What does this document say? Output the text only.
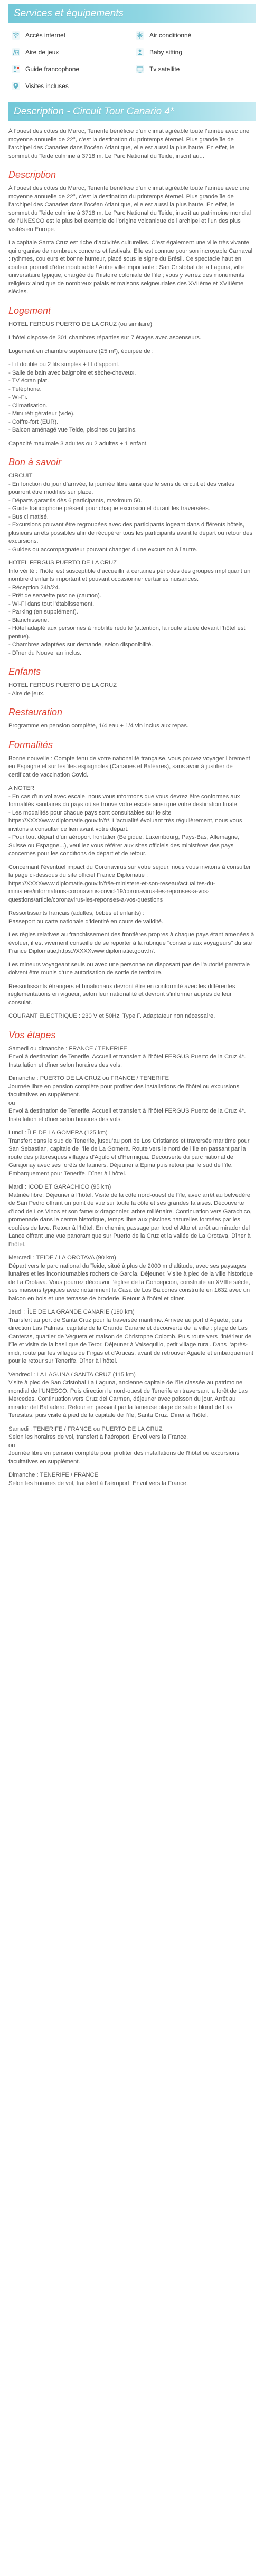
Services et équipements
Accès internet	Air conditionné
Aire de jeux	Baby sitting
Guide francophone	Tv satellite
Visites incluses
Description - Circuit Tour Canario 4*

À l’ouest des côtes du Maroc, Tenerife bénéficie d’un climat agréable toute l’année avec une moyenne annuelle de 22°, c’est la destination du printemps éternel. Plus grande île de l’archipel des Canaries dans l’océan Atlantique, elle est aussi la plus haute. En effet, le sommet du Teide culmine à 3718 m. Le Parc National du Teide, inscrit au...

Description

À l’ouest des côtes du Maroc, Tenerife bénéficie d’un climat agréable toute l’année avec une moyenne annuelle de 22°, c’est la destination du printemps éternel. Plus grande île de l’archipel des Canaries dans l’océan Atlantique, elle est aussi la plus haute. En effet, le sommet du Teide culmine à 3718 m. Le Parc National du Teide, inscrit au patrimoine mondial de l’UNESCO est le plus bel exemple de l’origine volcanique de l’archipel et l’un des plus visités en Europe.

La capitale Santa Cruz est riche d’activités culturelles. C’est également une ville très vivante qui organise de nombreux concerts et festivals. Elle est connue pour son incroyable Carnaval : rythmes, couleurs et bonne humeur, placé sous le signe du Brésil. Ce spectacle haut en couleur promet d’être inoubliable ! Autre ville importante : San Cristobal de la Laguna, ville universitaire typique, chargée de l’histoire coloniale de l’île ; vous y verrez des monuments religieux ainsi que de nombreux palais et maisons seigneuriales des XVIIème et XVIIIème siècles.

Logement

HOTEL FERGUS PUERTO DE LA CRUZ (ou similaire)

L’hôtel dispose de 301 chambres réparties sur 7 étages avec ascenseurs.

Logement en chambre supérieure (25 m²), équipée de :

- Lit double ou 2 lits simples + lit d’appoint.
- Salle de bain avec baignoire et sèche-cheveux.
- TV écran plat.
- Téléphone.
- Wi-Fi.
- Climatisation.
- Mini réfrigérateur (vide).
- Coffre-fort (EUR).
- Balcon aménagé vue Teide, piscines ou jardins.

Capacité maximale 3 adultes ou 2 adultes + 1 enfant.

Bon à savoir

CIRCUIT
- En fonction du jour d’arrivée, la journée libre ainsi que le sens du circuit et des visites pourront être modifiés sur place.
- Départs garantis dès 6 participants, maximum 50.
- Guide francophone présent pour chaque excursion et durant les traversées.
- Bus climatisé.
- Excursions pouvant être regroupées avec des participants logeant dans différents hôtels, plusieurs arrêts possibles afin de récupérer tous les participants avant le départ ou retour des excursions.
- Guides ou accompagnateur pouvant changer d’une excursion à l’autre.

HOTEL FERGUS PUERTO DE LA CRUZ
Info vérité : l’hôtel est susceptible d’accueillir à certaines périodes des groupes impliquant un nombre d’enfants important et pouvant occasionner certaines nuisances.
- Réception 24h/24.
- Prêt de serviette piscine (caution).
- Wi-Fi dans tout l’établissement.
- Parking (en supplément).
- Blanchisserie.
- Hôtel adapté aux personnes à mobilité réduite (attention, la route située devant l’hôtel est pentue).
- Chambres adaptées sur demande, selon disponibilité.
- Dîner du Nouvel an inclus.

Enfants

HOTEL FERGUS PUERTO DE LA CRUZ
- Aire de jeux.

Restauration

Programme en pension complète, 1/4 eau + 1/4 vin inclus aux repas.

Formalités

Bonne nouvelle : Compte tenu de votre nationalité française, vous pouvez voyager librement en Espagne et sur les îles espagnoles (Canaries et Baléares), sans avoir à justifier de certificat de vaccination Covid.

A NOTER
- En cas d’un vol avec escale, nous vous informons que vous devrez être conformes aux formalités sanitaires du pays où se trouve votre escale ainsi que votre destination finale.
- Les modalités pour chaque pays sont consultables sur le site https://XXXXwww.diplomatie.gouv.fr/fr/. L’actualité évoluant très régulièrement, nous vous invitons à consulter ce lien avant votre départ.
- Pour tout départ d’un aéroport frontalier (Belgique, Luxembourg, Pays-Bas, Allemagne, Suisse ou Espagne...), veuillez vous référer aux sites officiels des ministères des pays concernés pour les conditions de départ et de retour.

Concernant l’éventuel impact du Coronavirus sur votre séjour, nous vous invitons à consulter la page ci-dessous du site officiel France Diplomatie : https://XXXXwww.diplomatie.gouv.fr/fr/le-ministere-et-son-reseau/actualites-du-ministere/informations-coronavirus-covid-19/coronavirus-les-reponses-a-vos-questions/article/coronavirus-les-reponses-a-vos-questions

Ressortissants français (adultes, bébés et enfants) :
Passeport ou carte nationale d’identité en cours de validité.

Les règles relatives au franchissement des frontières propres à chaque pays étant amenées à évoluer, il est vivement conseillé de se reporter à la rubrique "conseils aux voyageurs" du site France Diplomatie,https://XXXXwww.diplomatie.gouv.fr/.

Les mineurs voyageant seuls ou avec une personne ne disposant pas de l’autorité parentale doivent être munis d’une autorisation de sortie de territoire.

Ressortissants étrangers et binationaux devront être en conformité avec les différentes réglementations en vigueur, selon leur nationalité et devront s’informer auprès de leur consulat.

COURANT ELECTRIQUE : 230 V et 50Hz, Type F. Adaptateur non nécessaire.

Vos étapes

Samedi ou dimanche : FRANCE / TENERIFE
Envol à destination de Tenerife. Accueil et transfert à l’hôtel FERGUS Puerto de la Cruz 4*. Installation et dîner selon horaires des vols.

Dimanche : PUERTO DE LA CRUZ ou FRANCE / TENERIFE
Journée libre en pension complète pour profiter des installations de l’hôtel ou excursions facultatives en supplément.
ou
Envol à destination de Tenerife. Accueil et transfert à l’hôtel FERGUS Puerto de la Cruz 4*. Installation et dîner selon horaires des vols.

Lundi : ÎLE DE LA GOMERA (125 km)
Transfert dans le sud de Tenerife, jusqu’au port de Los Cristianos et traversée maritime pour San Sebastian, capitale de l’île de La Gomera. Route vers le nord de l’île en passant par la route des pittoresques villages d’Agulo et d’Hermigua. Découverte du parc national de Garajonay avec ses forêts de lauriers. Déjeuner à Epina puis retour par le sud de l’île. Embarquement pour Tenerife. Dîner à l’hôtel.

Mardi : ICOD ET GARACHICO (95 km)
Matinée libre. Déjeuner à l’hôtel. Visite de la côte nord-ouest de l’île, avec arrêt au belvédère de San Pedro offrant un point de vue sur toute la côte et ses grandes falaises. Découverte d’Icod de Los Vinos et son fameux dragonnier, arbre millénaire. Continuation vers Garachico, promenade dans le centre historique, temps libre aux piscines naturelles formées par les coulées de lave. Retour à l’hôtel. En chemin, passage par Icod el Alto et arrêt au mirador del Lance offrant une vue panoramique sur Puerto de la Cruz et la vallée de La Orotava. Dîner à l’hôtel.

Mercredi : TEIDE / LA OROTAVA (90 km)
Départ vers le parc national du Teide, situé à plus de 2000 m d’altitude, avec ses paysages lunaires et les incontournables rochers de García. Déjeuner. Visite à pied de la ville historique de La Orotava. Vous pourrez découvrir l’église de la Concepción, construite au XVIIIe siècle, ses maisons typiques avec notamment la Casa de Los Balcones construite en 1632 avec un balcon en bois et une terrasse de broderie. Retour à l’hôtel et dîner.

Jeudi : ÎLE DE LA GRANDE CANARIE (190 km)
Transfert au port de Santa Cruz pour la traversée maritime. Arrivée au port d’Agaete, puis direction Las Palmas, capitale de la Grande Canarie et découverte de la ville : plage de Las Canteras, quartier de Vegueta et maison de Christophe Colomb. Puis route vers l’intérieur de l’île et visite de la basilique de Teror. Déjeuner à Valsequillo, petit village rural. Dans l’après-midi, route par les villages de Firgas et d’Arucas, avant de retrouver Agaete et embarquement pour le retour sur Tenerife. Dîner à l’hôtel.

Vendredi : LA LAGUNA / SANTA CRUZ (115 km)
Visite à pied de San Cristobal La Laguna, ancienne capitale de l’île classée au patrimoine mondial de l’UNESCO. Puis direction le nord-ouest de Tenerife en traversant la forêt de Las Mercedes. Continuation vers Cruz del Carmen, déjeuner avec poisson du jour. Arrêt au mirador del Balladero. Retour en passant par la fameuse plage de sable blond de Las Teresitas, puis visite à pied de la capitale de l’île, Santa Cruz. Dîner à l’hôtel.

Samedi : TENERIFE / FRANCE ou PUERTO DE LA CRUZ
Selon les horaires de vol, transfert à l’aéroport. Envol vers la France.
ou
Journée libre en pension complète pour profiter des installations de l’hôtel ou excursions facultatives en supplément.

Dimanche : TENERIFE / FRANCE
Selon les horaires de vol, transfert à l’aéroport. Envol vers la France.
